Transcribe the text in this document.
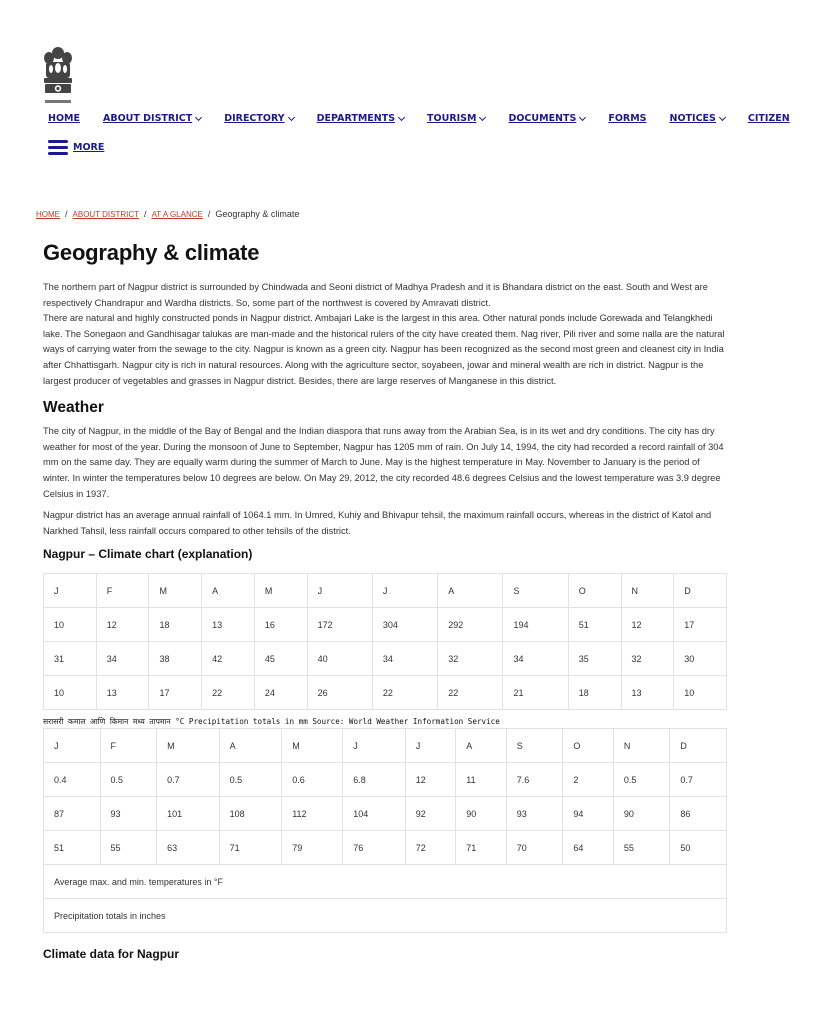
HOME ABOUT DISTRICT	DIRECTORY	DEPARTMENTS	TOURISM	DOCUMENTS	FORMS NOTICES	CITIZEN
MORE
HOME / ABOUT DISTRICT / AT A GLANCE / Geography & climate
Geography & climate

The northern part of Nagpur district is surrounded by Chindwada and Seoni district of Madhya Pradesh and it is Bhandara district on the east. South and West are respectively Chandrapur and Wardha districts. So, some part of the northwest is covered by Amravati district.

There are natural and highly constructed ponds in Nagpur district. Ambajari Lake is the largest in this area. Other natural ponds include Gorewada and Telangkhedi lake. The Sonegaon and Gandhisagar talukas are man-made and the historical rulers of the city have created them. Nag river, Pili river and some nalla are the natural ways of carrying water from the sewage to the city. Nagpur is known as a green city. Nagpur has been recognized as the second most green and cleanest city in India after Chhattisgarh. Nagpur city is rich in natural resources. Along with the agriculture sector, soyabeen, jowar and mineral wealth are rich in district. Nagpur is the largest producer of vegetables and grasses in Nagpur district. Besides, there are large reserves of Manganese in this district.

Weather

The city of Nagpur, in the middle of the Bay of Bengal and the Indian diaspora that runs away from the Arabian Sea, is in its wet and dry conditions. The city has dry weather for most of the year. During the monsoon of June to September, Nagpur has 1205 mm of rain. On July 14, 1994, the city had recorded a record rainfall of 304 mm on the same day. They are equally warm during the summer of March to June. May is the highest temperature in May. November to January is the period of winter. In winter the temperatures below 10 degrees are below. On May 29, 2012, the city recorded 48.6 degrees Celsius and the lowest temperature was 3.9 degree Celsius in 1937.

Nagpur district has an average annual rainfall of 1064.1 mm. In Umred, Kuhiy and Bhivapur tehsil, the maximum rainfall occurs, whereas in the district of Katol and Narkhed Tahsil, less rainfall occurs compared to other tehsils of the district.

Nagpur – Climate chart (explanation)
J	F	M	A	M	J	J	A	S	O	N	D
10	12	18	13	16	172	304	292	194	51	12	17
31	34	38	42	45	40	34	32	34	35	32	30
10	13	17	22	24	26	22	22	21	18	13	10
सरासरी कमाल आणि किमान मध्य तापमान °C Precipitation totals in mm Source: World Weather Information Service
J	F	M	A	M	J	J	A	S	O	N	D
0.4	0.5	0.7	0.5	0.6	6.8	12	11	7.6	2	0.5	0.7
87	93	101	108	112	104	92	90	93	94	90	86
51	55	63	71	79	76	72	71	70	64	55	50
Average max. and min. temperatures in °F											
Precipitation totals in inches											
Climate data for Nagpur
